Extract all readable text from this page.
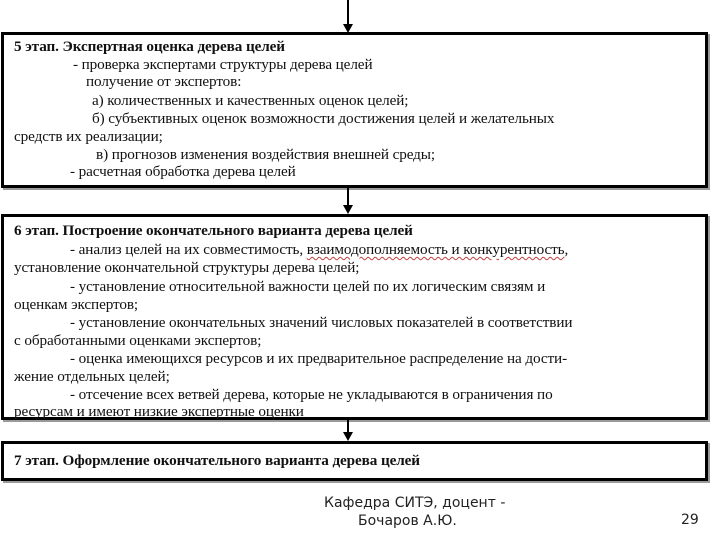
5 этап. Экспертная оценка дерева целей
- проверка экспертами структуры дерева целей
получение от экспертов:
а) количественных и качественных оценок целей;
б) субъективных оценок возможности достижения целей и желательных
средств их реализации;
в) прогнозов изменения воздействия внешней среды;
- расчетная обработка дерева целей
6 этап. Построение окончательного варианта дерева целей
- анализ целей на их совместимость, взаимодополняемость и конкурентность,
установление окончательной структуры дерева целей;
- установление относительной важности целей по их логическим связям и
оценкам экспертов;
- установление окончательных значений числовых показателей в соответствии
с обработанными оценками экспертов;
- оценка имеющихся ресурсов и их предварительное распределение на дости-
жение отдельных целей;
- отсечение всех ветвей дерева, которые не укладываются в ограничения по
ресурсам и имеют низкие экспертные оценки
7 этап. Оформление окончательного варианта дерева целей
Кафедра СИТЭ, доцент -
Бочаров А.Ю.	29
